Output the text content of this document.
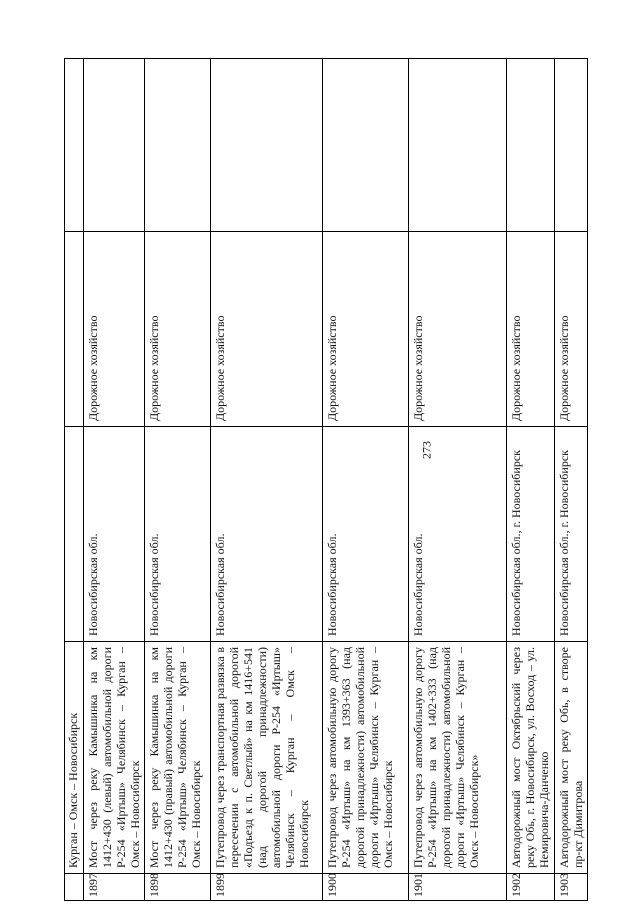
273
	Курган – Омск – Новосибирск			
1897	Мост через реку Камышинка на км 1412+430 (левый) автомобильной дороги Р-254 «Иртыш» Челябинск – Курган – Омск – Новосибирск	Новосибирская обл.	Дорожное хозяйство	
1898	Мост через реку Камышинка на км 1412+430 (правый) автомобильной дороги Р-254 «Иртыш» Челябинск – Курган – Омск – Новосибирск	Новосибирская обл.	Дорожное хозяйство	
1899	Путепровод через транспортная развязка в пересечении с автомобильной дорогой «Подъезд к п. Светлый» на км 1416+541 (над дорогой принадлежности) автомобильной дороги Р-254 «Иртыш» Челябинск – Курган – Омск – Новосибирск	Новосибирская обл.	Дорожное хозяйство	
1900	Путепровод через автомобильную дорогу Р-254 «Иртыш» на км 1393+363 (над дорогой принадлежности) автомобильной дороги «Иртыш» Челябинск – Курган – Омск – Новосибирск	Новосибирская обл.	Дорожное хозяйство	
1901	Путепровод через автомобильную дорогу Р-254 «Иртыш» на км 1402+333 (над дорогой принадлежности) автомобильной дороги «Иртыш» Челябинск – Курган – Омск – Новосибирск»	Новосибирская обл.	Дорожное хозяйство	
1902	Автодорожный мост Октябрьский через реку Обь, г. Новосибирск, ул. Восход – ул. Немировича-Данченко	Новосибирская обл., г. Новосибирск	Дорожное хозяйство	
1903	Автодорожный мост реку Обь, в створе пр-кт Димитрова	Новосибирская обл., г. Новосибирск	Дорожное хозяйство	
